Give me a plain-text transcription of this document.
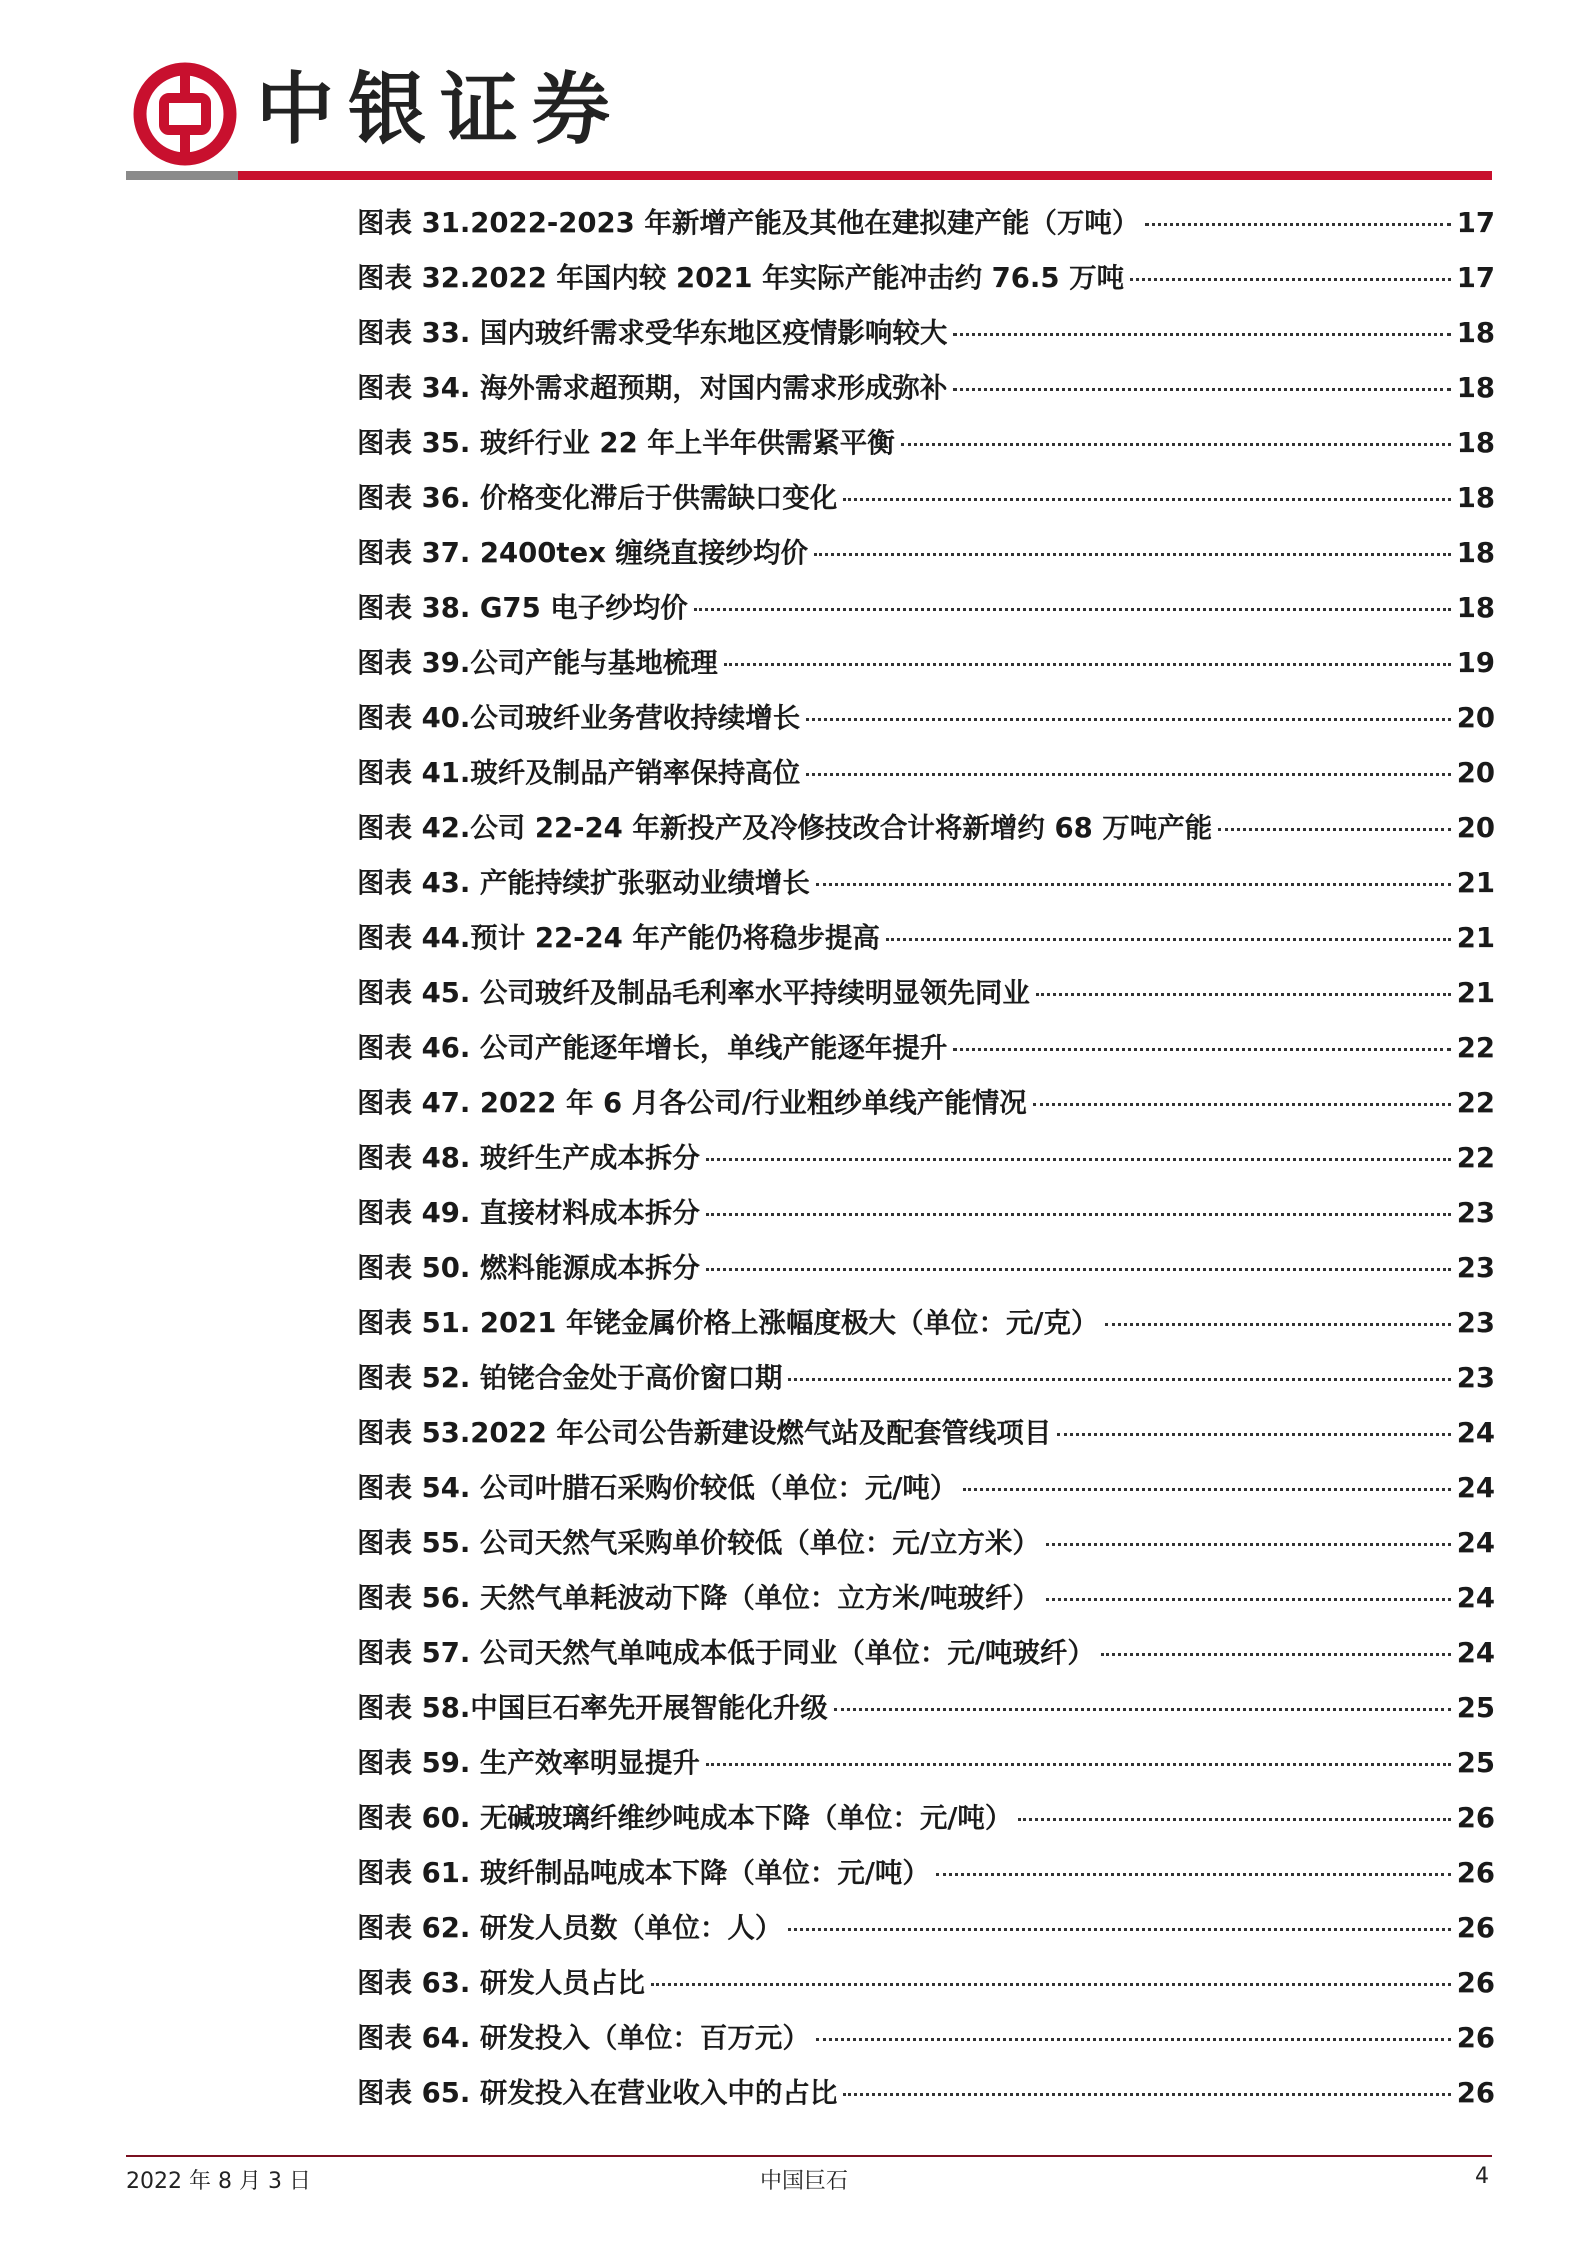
中银证券
图表 31.2022-2023 年新增产能及其他在建拟建产能（万吨）	17
图表 32.2022 年国内较 2021 年实际产能冲击约 76.5 万吨	17
图表 33. 国内玻纤需求受华东地区疫情影响较大	18
图表 34. 海外需求超预期，对国内需求形成弥补	18
图表 35. 玻纤行业 22 年上半年供需紧平衡	18
图表 36. 价格变化滞后于供需缺口变化	18
图表 37. 2400tex 缠绕直接纱均价	18
图表 38. G75 电子纱均价	18
图表 39.公司产能与基地梳理	19
图表 40.公司玻纤业务营收持续增长	20
图表 41.玻纤及制品产销率保持高位	20
图表 42.公司 22-24 年新投产及冷修技改合计将新增约 68 万吨产能	20
图表 43. 产能持续扩张驱动业绩增长	21
图表 44.预计 22-24 年产能仍将稳步提高	21
图表 45. 公司玻纤及制品毛利率水平持续明显领先同业	21
图表 46. 公司产能逐年增长，单线产能逐年提升	22
图表 47. 2022 年 6 月各公司/行业粗纱单线产能情况	22
图表 48. 玻纤生产成本拆分	22
图表 49. 直接材料成本拆分	23
图表 50. 燃料能源成本拆分	23
图表 51. 2021 年铑金属价格上涨幅度极大（单位：元/克）	23
图表 52. 铂铑合金处于高价窗口期	23
图表 53.2022 年公司公告新建设燃气站及配套管线项目	24
图表 54. 公司叶腊石采购价较低（单位：元/吨）	24
图表 55. 公司天然气采购单价较低（单位：元/立方米）	24
图表 56. 天然气单耗波动下降（单位：立方米/吨玻纤）	24
图表 57. 公司天然气单吨成本低于同业（单位：元/吨玻纤）	24
图表 58.中国巨石率先开展智能化升级	25
图表 59. 生产效率明显提升	25
图表 60. 无碱玻璃纤维纱吨成本下降（单位：元/吨）	26
图表 61. 玻纤制品吨成本下降（单位：元/吨）	26
图表 62. 研发人员数（单位：人）	26
图表 63. 研发人员占比	26
图表 64. 研发投入（单位：百万元）	26
图表 65. 研发投入在营业收入中的占比	26
2022 年 8 月 3 日	中国巨石	4
